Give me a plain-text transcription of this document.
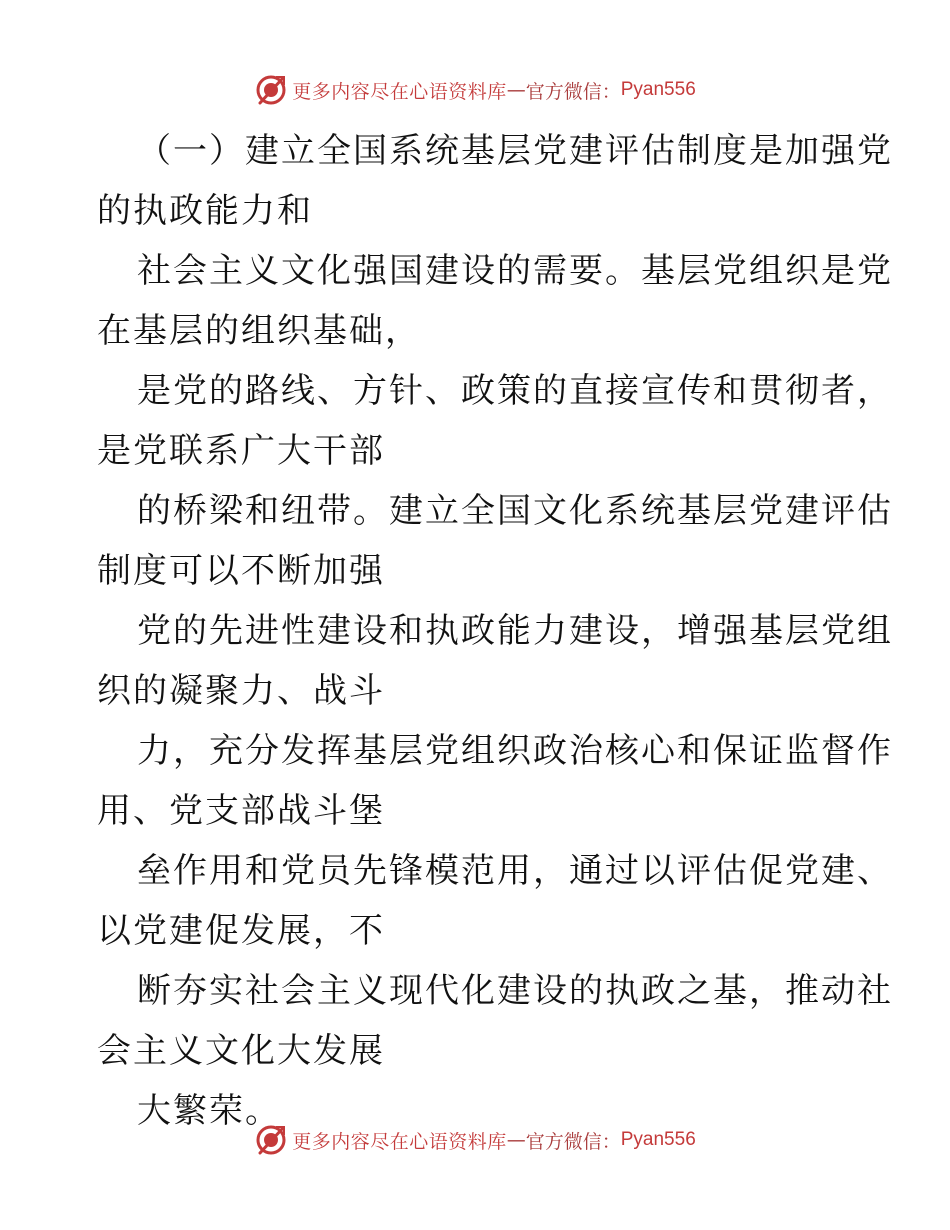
更多内容尽在心语资料库 — 官方微信： Pyan556

（一）建立全国系统基层党建评估制度是加强党
的执政能力和

社会主义文化强国建设的需要。基层党组织是党
在基层的组织基础，

是党的路线、方针、政策的直接宣传和贯彻者，
是党联系广大干部

的桥梁和纽带。建立全国文化系统基层党建评估
制度可以不断加强

党的先进性建设和执政能力建设，增强基层党组
织的凝聚力、战斗

力，充分发挥基层党组织政治核心和保证监督作
用、党支部战斗堡

垒作用和党员先锋模范用，通过以评估促党建、
以党建促发展，不

断夯实社会主义现代化建设的执政之基，推动社
会主义文化大发展

大繁荣。

更多内容尽在心语资料库 — 官方微信： Pyan556
